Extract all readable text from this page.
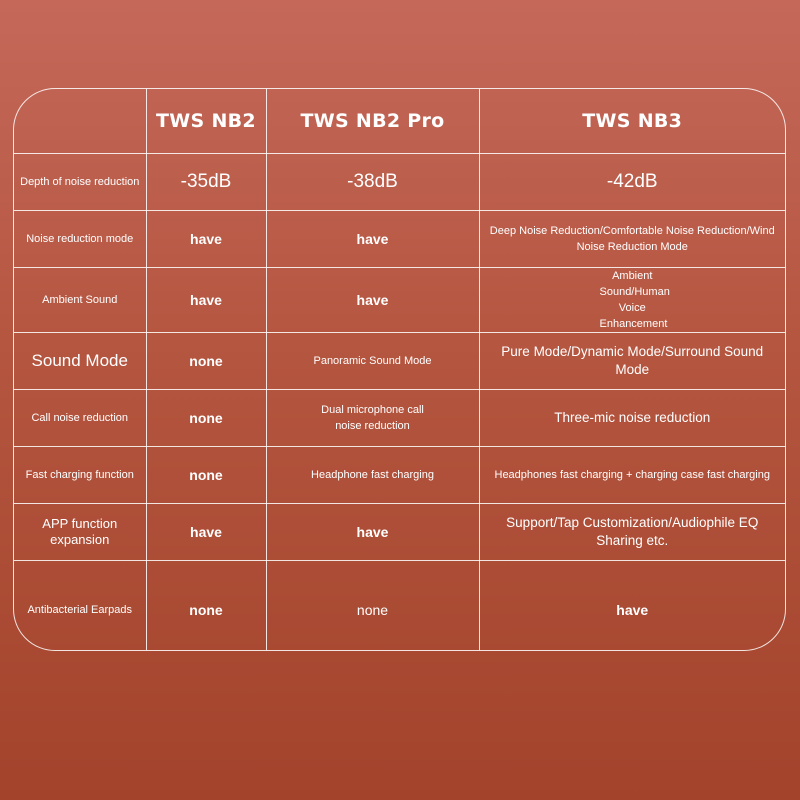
	TWS NB2	TWS NB2 Pro	TWS NB3
Depth of noise reduction	-35dB	-38dB	-42dB
Noise reduction mode	have	have	Deep Noise Reduction/Comfortable Noise Reduction/Wind Noise Reduction Mode
Ambient Sound	have	have	Ambient Sound/Human Voice Enhancement
Sound Mode	none	Panoramic Sound Mode	Pure Mode/Dynamic Mode/Surround Sound Mode
Call noise reduction	none	Dual microphone call noise reduction	Three-mic noise reduction
Fast charging function	none	Headphone fast charging	Headphones fast charging + charging case fast charging
APP function expansion	have	have	Support/Tap Customization/Audiophile EQ Sharing etc.
Antibacterial Earpads	none	none	have
